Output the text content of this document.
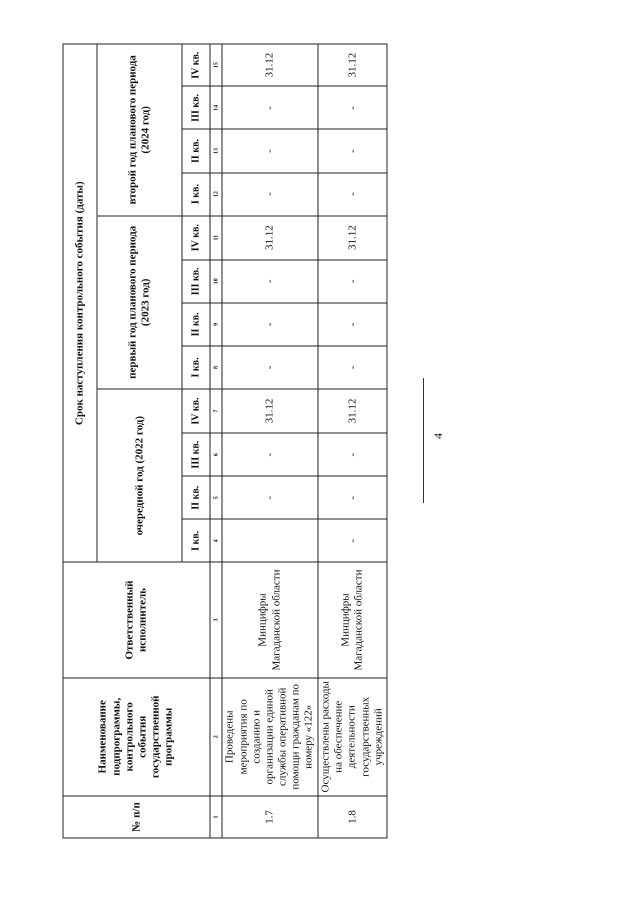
4
№ п/п	Наименование подпрограммы, контрольного события государственной программы	Ответственный исполнитель	Срок наступления контрольного события (даты)											
			очередной год (2022 год)				первый год планового периода (2023 год)				второй год планового периода (2024 год)			
			I кв.	II кв.	III кв.	IV кв.	I кв.	II кв.	III кв.	IV кв.	I кв.	II кв.	III кв.	IV кв.
1	2	3	4	5	6	7	8	9	10	11	12	13	14	15
1.7	Проведены мероприятия по созданию и организации единой службы оперативной помощи гражданам по номеру «122»	Минцифры Магаданской области		-	-	31.12	-	-	-	31.12	-	-	-	31.12
1.8	Осуществлены расходы на обеспечение деятельности государственных учреждений	Минцифры Магаданской области	-	-	-	31.12	-	-	-	31.12	-	-	-	31.12
